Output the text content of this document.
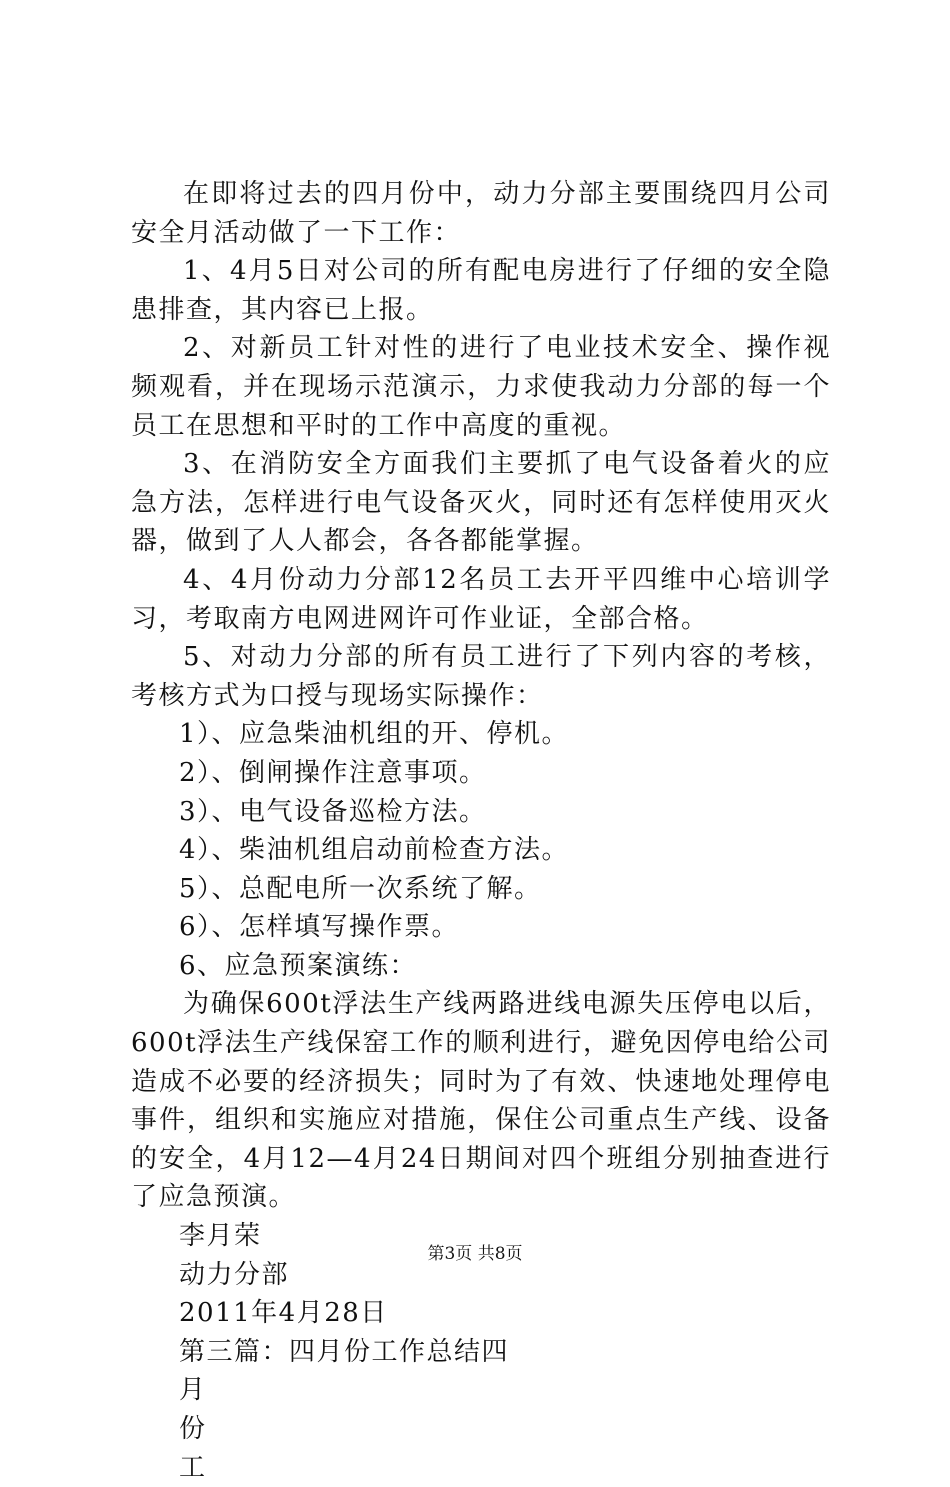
在即将过去的四月份中，动力分部主要围绕四月公司安全月活动做了一下工作：

1、4月5日对公司的所有配电房进行了仔细的安全隐患排查，其内容已上报。

2、对新员工针对性的进行了电业技术安全、操作视频观看，并在现场示范演示，力求使我动力分部的每一个员工在思想和平时的工作中高度的重视。

3、在消防安全方面我们主要抓了电气设备着火的应急方法，怎样进行电气设备灭火，同时还有怎样使用灭火器，做到了人人都会，各各都能掌握。

4、4月份动力分部12名员工去开平四维中心培训学习，考取南方电网进网许可作业证，全部合格。

5、对动力分部的所有员工进行了下列内容的考核，考核方式为口授与现场实际操作：

1）、应急柴油机组的开、停机。

2）、倒闸操作注意事项。

3）、电气设备巡检方法。

4）、柴油机组启动前检查方法。

5）、总配电所一次系统了解。

6）、怎样填写操作票。

6、应急预案演练：

为确保600t浮法生产线两路进线电源失压停电以后，600t浮法生产线保窑工作的顺利进行，避免因停电给公司造成不必要的经济损失；同时为了有效、快速地处理停电事件，组织和实施应对措施，保住公司重点生产线、设备的安全，4月12—4月24日期间对四个班组分别抽查进行了应急预演。

李月荣

动力分部

2011年4月28日

第三篇：四月份工作总结四

月

份

工

第3页 共8页
